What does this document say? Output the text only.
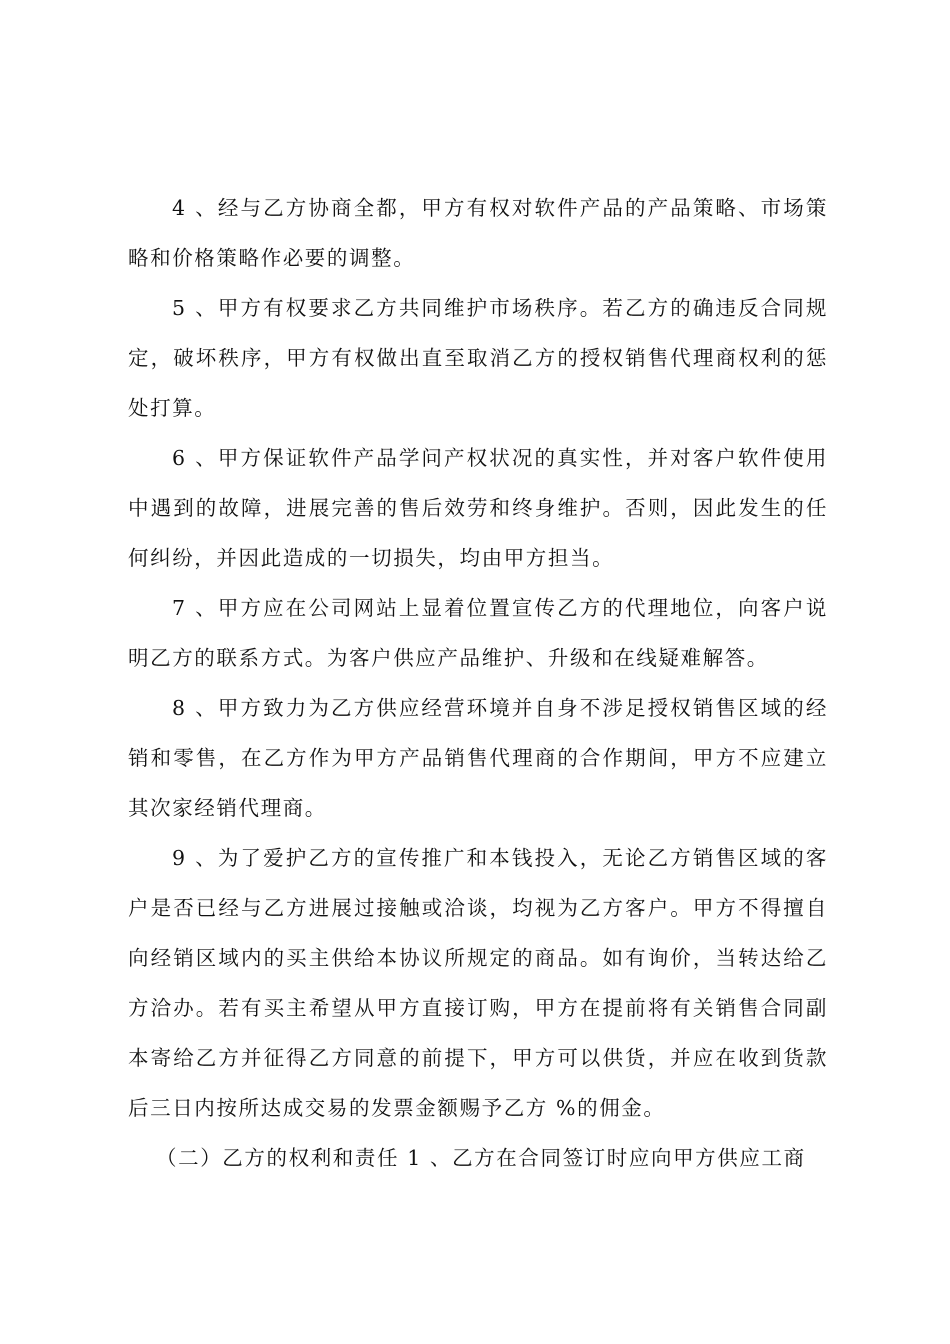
4 、经与乙方协商全都，甲方有权对软件产品的产品策略、市场策略和价格策略作必要的调整。

5 、甲方有权要求乙方共同维护市场秩序。若乙方的确违反合同规定，破坏秩序，甲方有权做出直至取消乙方的授权销售代理商权利的惩处打算。

6 、甲方保证软件产品学问产权状况的真实性，并对客户软件使用中遇到的故障，进展完善的售后效劳和终身维护。否则，因此发生的任何纠纷，并因此造成的一切损失，均由甲方担当。

7 、甲方应在公司网站上显着位置宣传乙方的代理地位，向客户说明乙方的联系方式。为客户供应产品维护、升级和在线疑难解答。

8 、甲方致力为乙方供应经营环境并自身不涉足授权销售区域的经销和零售，在乙方作为甲方产品销售代理商的合作期间，甲方不应建立其次家经销代理商。

9 、为了爱护乙方的宣传推广和本钱投入，无论乙方销售区域的客户是否已经与乙方进展过接触或洽谈，均视为乙方客户。甲方不得擅自向经销区域内的买主供给本协议所规定的商品。如有询价，当转达给乙方洽办。若有买主希望从甲方直接订购，甲方在提前将有关销售合同副本寄给乙方并征得乙方同意的前提下，甲方可以供货，并应在收到货款后三日内按所达成交易的发票金额赐予乙方 %的佣金。

（二）乙方的权利和责任 1 、乙方在合同签订时应向甲方供应工商
